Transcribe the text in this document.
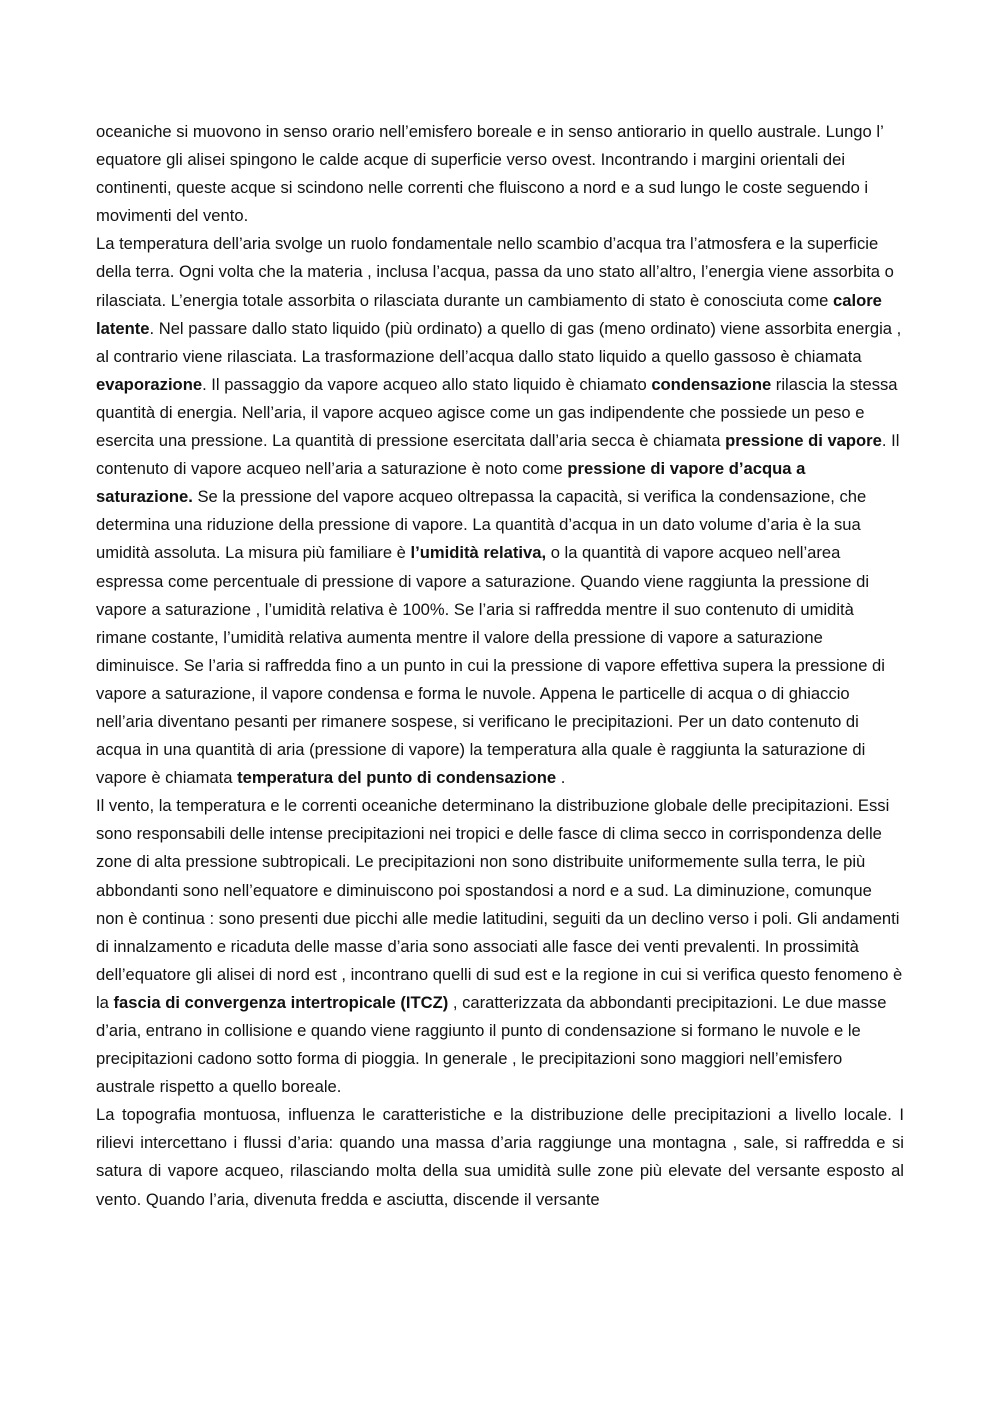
oceaniche si muovono in senso orario nell’emisfero boreale e in senso antiorario in quello australe. Lungo l’ equatore gli alisei spingono le calde acque di superficie verso ovest. Incontrando i margini orientali dei continenti, queste acque si scindono nelle correnti che fluiscono a nord e a sud lungo le coste seguendo i movimenti del vento.

La temperatura dell’aria svolge un ruolo fondamentale nello scambio d’acqua tra l’atmosfera e la superficie della terra. Ogni volta che la materia , inclusa l’acqua, passa da uno stato all’altro, l’energia viene assorbita o rilasciata. L’energia totale assorbita o rilasciata durante un cambiamento di stato è conosciuta come calore latente. Nel passare dallo stato liquido (più ordinato) a quello di gas (meno ordinato) viene assorbita energia , al contrario viene rilasciata. La trasformazione dell’acqua dallo stato liquido a quello gassoso è chiamata evaporazione. Il passaggio da vapore acqueo allo stato liquido è chiamato condensazione rilascia la stessa quantità di energia. Nell’aria, il vapore acqueo agisce come un gas indipendente che possiede un peso e esercita una pressione. La quantità di pressione esercitata dall’aria secca è chiamata pressione di vapore. Il contenuto di vapore acqueo nell’aria a saturazione è noto come pressione di vapore d’acqua a saturazione. Se la pressione del vapore acqueo oltrepassa la capacità, si verifica la condensazione, che determina una riduzione della pressione di vapore. La quantità d’acqua in un dato volume d’aria è la sua umidità assoluta. La misura più familiare è l’umidità relativa, o la quantità di vapore acqueo nell’area espressa come percentuale di pressione di vapore a saturazione. Quando viene raggiunta la pressione di vapore a saturazione , l’umidità relativa è 100%. Se l’aria si raffredda mentre il suo contenuto di umidità rimane costante, l’umidità relativa aumenta mentre il valore della pressione di vapore a saturazione diminuisce. Se l’aria si raffredda fino a un punto in cui la pressione di vapore effettiva supera la pressione di vapore a saturazione, il vapore condensa e forma le nuvole. Appena le particelle di acqua o di ghiaccio nell’aria diventano pesanti per rimanere sospese, si verificano le precipitazioni. Per un dato contenuto di acqua in una quantità di aria (pressione di vapore) la temperatura alla quale è raggiunta la saturazione di vapore è chiamata temperatura del punto di condensazione .

Il vento, la temperatura e le correnti oceaniche determinano la distribuzione globale delle precipitazioni. Essi sono responsabili delle intense precipitazioni nei tropici e delle fasce di clima secco in corrispondenza delle zone di alta pressione subtropicali. Le precipitazioni non sono distribuite uniformemente sulla terra, le più abbondanti sono nell’equatore e diminuiscono poi spostandosi a nord e a sud. La diminuzione, comunque non è continua : sono presenti due picchi alle medie latitudini, seguiti da un declino verso i poli. Gli andamenti di innalzamento e ricaduta delle masse d’aria sono associati alle fasce dei venti prevalenti. In prossimità dell’equatore gli alisei di nord est , incontrano quelli di sud est e la regione in cui si verifica questo fenomeno è la fascia di convergenza intertropicale (ITCZ) , caratterizzata da abbondanti precipitazioni. Le due masse d’aria, entrano in collisione e quando viene raggiunto il punto di condensazione si formano le nuvole e le precipitazioni cadono sotto forma di pioggia. In generale , le precipitazioni sono maggiori nell’emisfero australe rispetto a quello boreale.

La topografia montuosa, influenza le caratteristiche e la distribuzione delle precipitazioni a livello locale. I rilievi intercettano i flussi d’aria: quando una massa d’aria raggiunge una montagna , sale, si raffredda e si satura di vapore acqueo, rilasciando molta della sua umidità sulle zone più elevate del versante esposto al vento. Quando l’aria, divenuta fredda e asciutta, discende il versante
